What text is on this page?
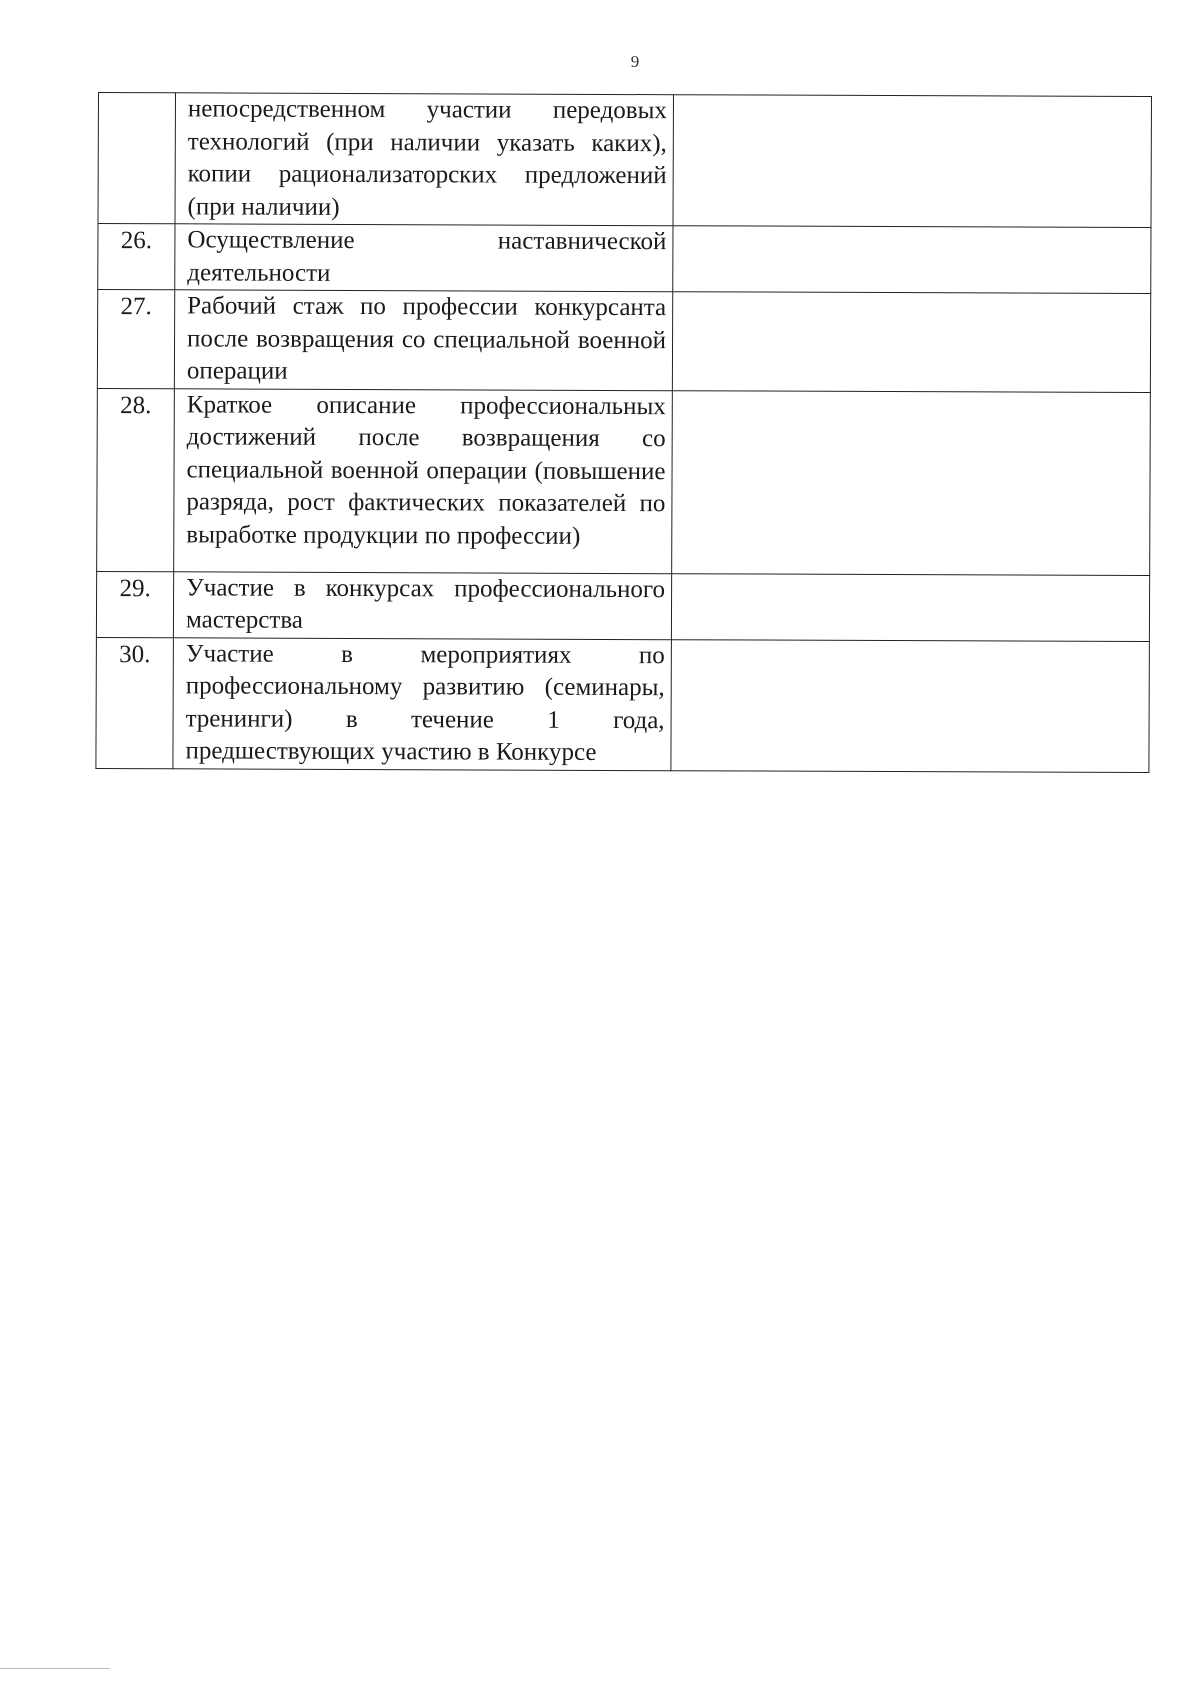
9
	непосредственном участии передовых технологий (при наличии указать каких), копии рационализаторских предложений (при наличии)	
26.	Осуществление наставнической деятельности	
27.	Рабочий стаж по профессии конкурсанта после возвращения со специальной военной операции	
28.	Краткое описание профессиональных достижений после возвращения со специальной военной операции (повышение разряда, рост фактических показателей по выработке продукции по профессии)	
29.	Участие в конкурсах профессионального мастерства	
30.	Участие в мероприятиях по профессиональному развитию (семинары, тренинги) в течение 1 года, предшествующих участию в Конкурсе	
